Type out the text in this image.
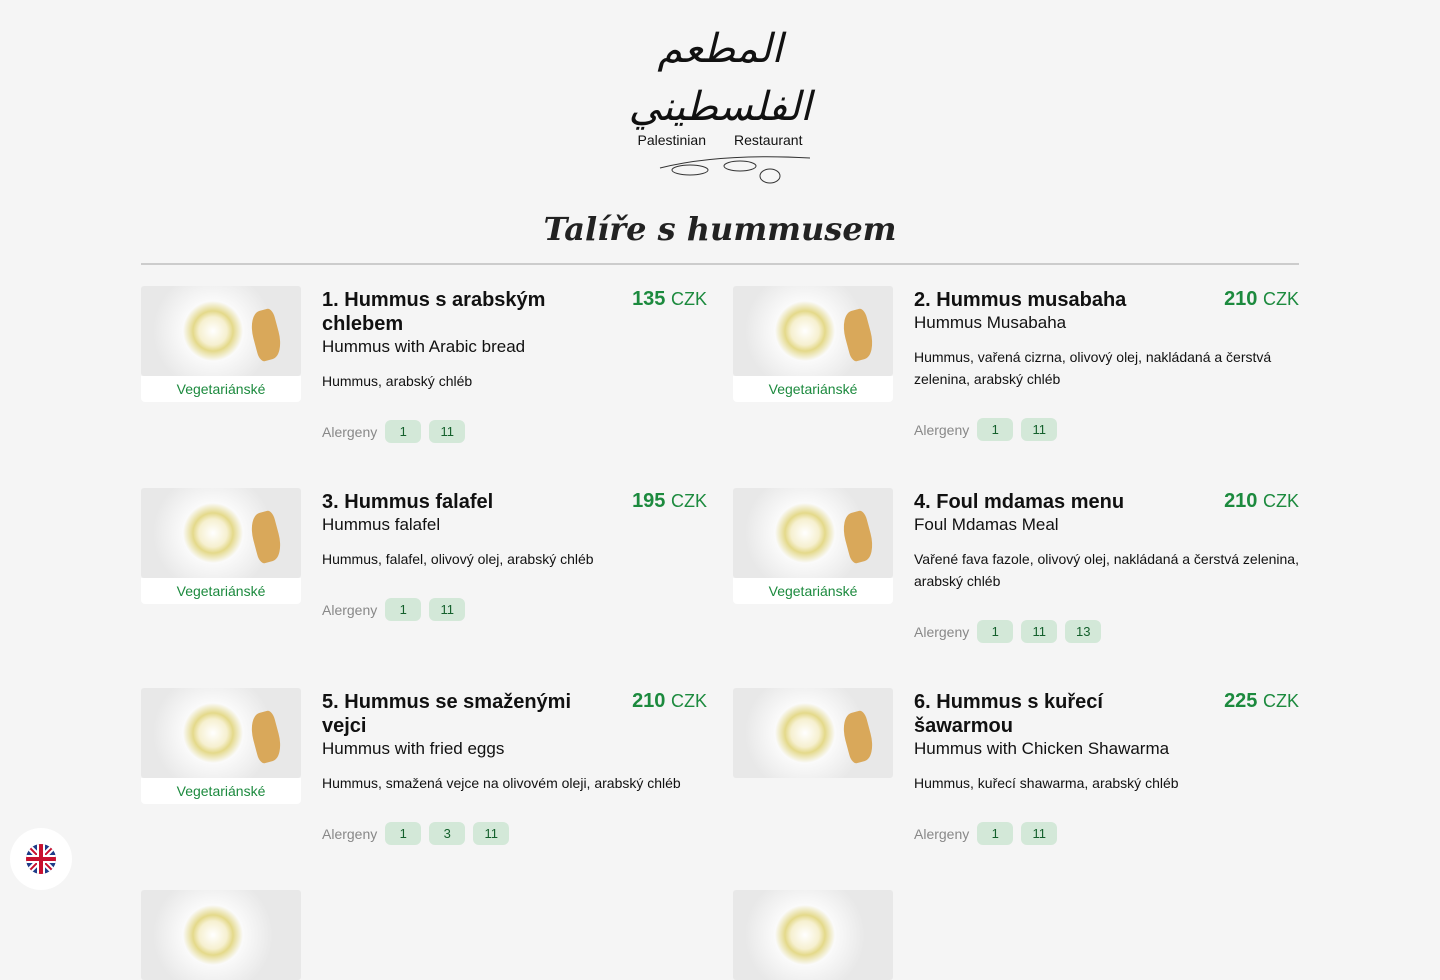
المطعم الفلسطيني
Palestinian Restaurant
Talíře s hummusem
Vegetariánské
1. Hummus s arabským chlebem
135 CZK
Hummus with Arabic bread
Hummus, arabský chléb
Alergeny	1	11
Vegetariánské
2. Hummus musabaha	210 CZK
Hummus Musabaha
Hummus, vařená cizrna, olivový olej, nakládaná a čerstvá zelenina, arabský chléb
Alergeny	1	11
Vegetariánské
3. Hummus falafel	195 CZK
Hummus falafel
Hummus, falafel, olivový olej, arabský chléb
Alergeny	1	11
Vegetariánské
4. Foul mdamas menu	210 CZK
Foul Mdamas Meal
Vařené fava fazole, olivový olej, nakládaná a čerstvá zelenina, arabský chléb
Alergeny	1	11	13
Vegetariánské
5. Hummus se smaženými vejci
210 CZK
Hummus with fried eggs
Hummus, smažená vejce na olivovém oleji, arabský chléb
Alergeny	1	3	11
6. Hummus s kuřecí šawarmou
225 CZK
Hummus with Chicken Shawarma
Hummus, kuřecí shawarma, arabský chléb
Alergeny	1	11
